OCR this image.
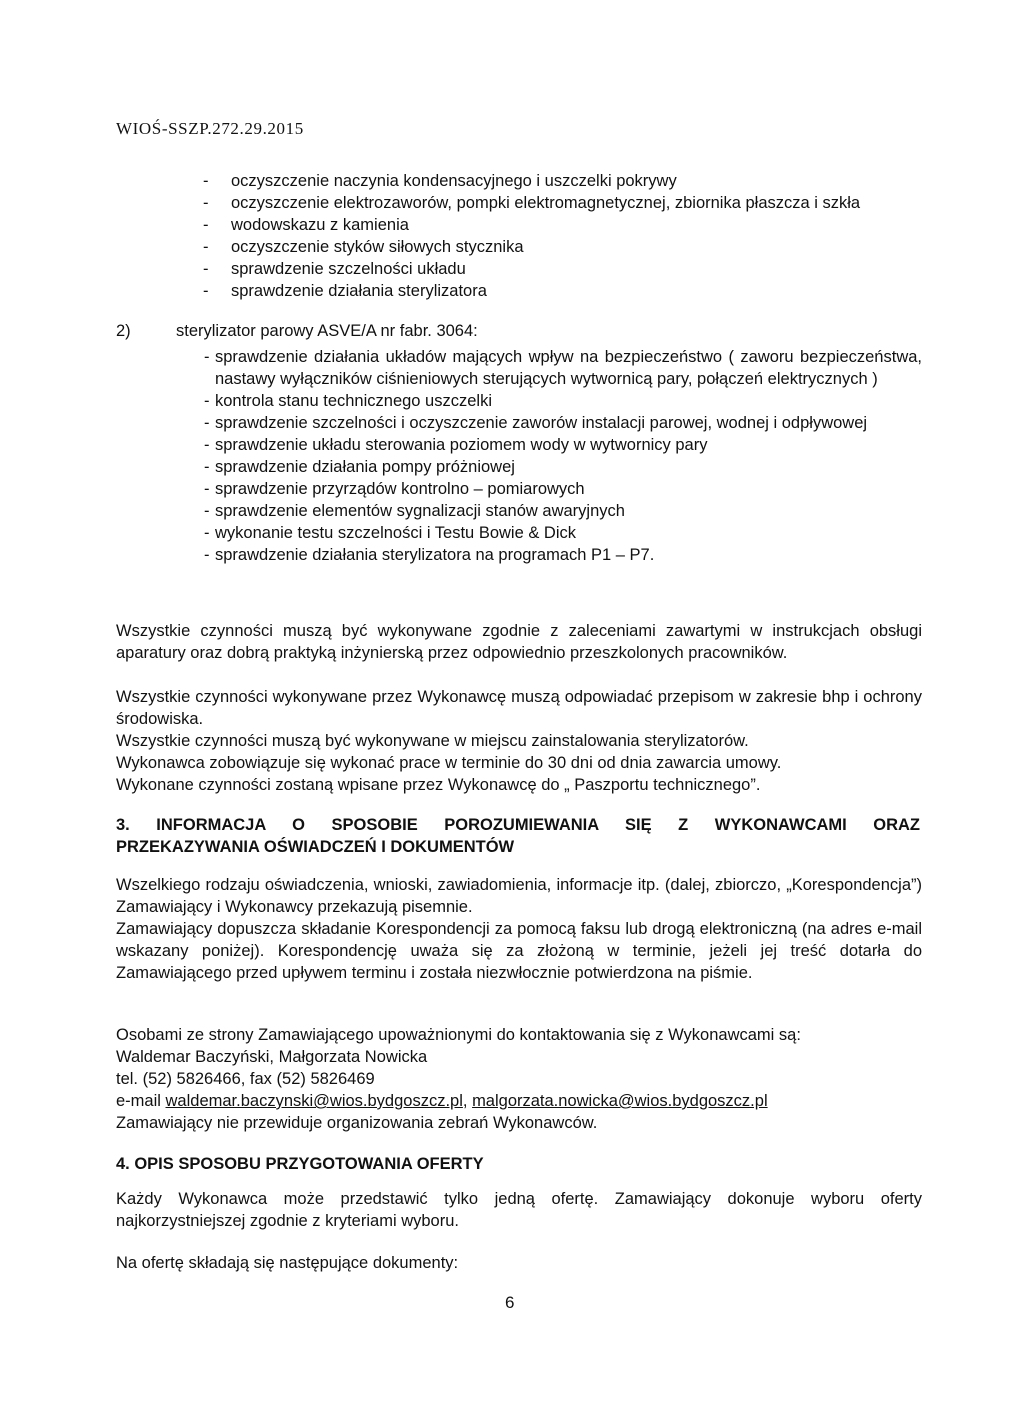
WIOŚ-SSZP.272.29.2015
- oczyszczenie naczynia kondensacyjnego i uszczelki pokrywy
- oczyszczenie elektrozaworów, pompki elektromagnetycznej, zbiornika płaszcza i szkła
- wodowskazu z kamienia
- oczyszczenie styków siłowych stycznika
- sprawdzenie szczelności układu
- sprawdzenie działania sterylizatora
2)	sterylizator parowy ASVE/A nr fabr. 3064:
- sprawdzenie działania układów mających wpływ na bezpieczeństwo ( zaworu bezpieczeństwa, nastawy wyłączników ciśnieniowych sterujących wytwornicą pary, połączeń elektrycznych )
- kontrola stanu technicznego uszczelki
- sprawdzenie szczelności i oczyszczenie zaworów instalacji parowej, wodnej i odpływowej
- sprawdzenie układu sterowania poziomem wody w wytwornicy pary
- sprawdzenie działania pompy próżniowej
- sprawdzenie przyrządów kontrolno – pomiarowych
- sprawdzenie elementów sygnalizacji stanów awaryjnych
- wykonanie testu szczelności i Testu Bowie & Dick
- sprawdzenie działania sterylizatora na programach P1 – P7.
Wszystkie czynności muszą być wykonywane zgodnie z zaleceniami zawartymi w instrukcjach obsługi aparatury oraz dobrą praktyką inżynierską przez odpowiednio przeszkolonych pracowników.
Wszystkie czynności wykonywane przez Wykonawcę muszą odpowiadać przepisom w zakresie bhp i ochrony środowiska.
Wszystkie czynności muszą być wykonywane w miejscu zainstalowania sterylizatorów.
Wykonawca zobowiązuje się wykonać prace w terminie do 30 dni od dnia zawarcia umowy.
Wykonane czynności zostaną wpisane przez Wykonawcę do „ Paszportu technicznego”.
3. INFORMACJA O SPOSOBIE POROZUMIEWANIA SIĘ Z WYKONAWCAMI ORAZ
PRZEKAZYWANIA OŚWIADCZEŃ I DOKUMENTÓW
Wszelkiego rodzaju oświadczenia, wnioski, zawiadomienia, informacje itp. (dalej, zbiorczo, „Korespondencja”) Zamawiający i Wykonawcy przekazują pisemnie.
Zamawiający dopuszcza składanie Korespondencji za pomocą faksu lub drogą elektroniczną (na adres e-mail wskazany poniżej). Korespondencję uważa się za złożoną w terminie, jeżeli jej treść dotarła do Zamawiającego przed upływem terminu i została niezwłocznie potwierdzona na piśmie.
Osobami ze strony Zamawiającego upoważnionymi do kontaktowania się z Wykonawcami są:
Waldemar Baczyński, Małgorzata Nowicka
tel. (52) 5826466, fax (52) 5826469
e-mail waldemar.baczynski@wios.bydgoszcz.pl, malgorzata.nowicka@wios.bydgoszcz.pl
Zamawiający nie przewiduje organizowania zebrań Wykonawców.
4. OPIS SPOSOBU PRZYGOTOWANIA OFERTY
Każdy Wykonawca może przedstawić tylko jedną ofertę. Zamawiający dokonuje wyboru oferty najkorzystniejszej zgodnie z kryteriami wyboru.
Na ofertę składają się następujące dokumenty:
6
